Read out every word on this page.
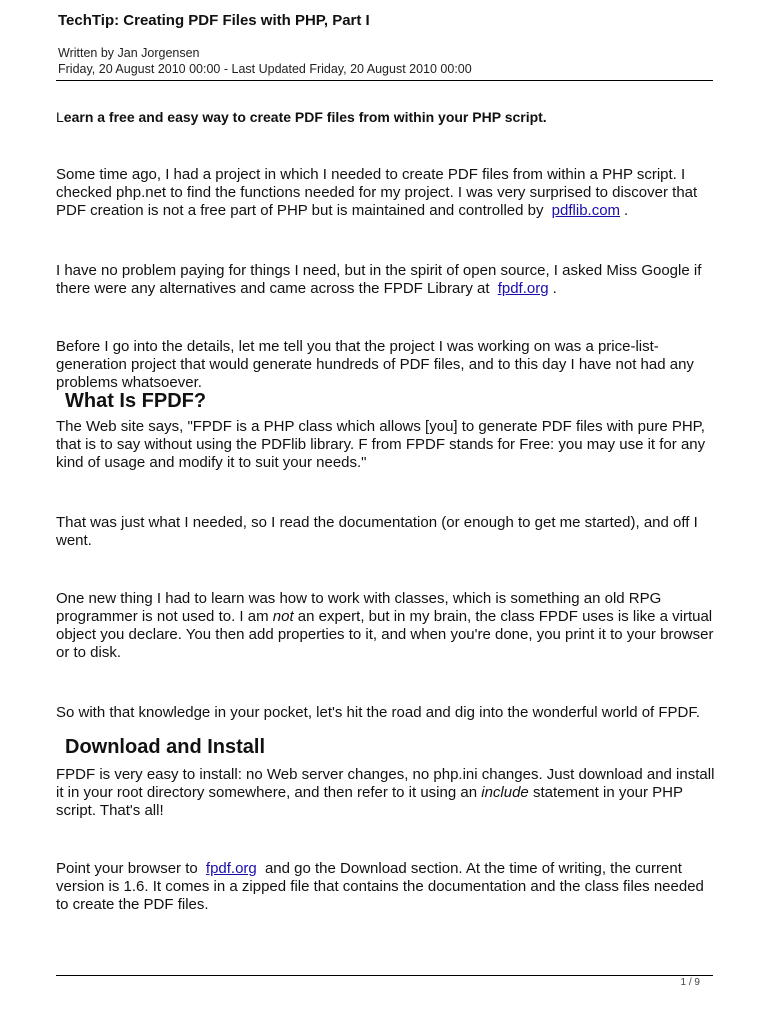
TechTip: Creating PDF Files with PHP, Part I
Written by Jan Jorgensen
Friday, 20 August 2010 00:00 - Last Updated Friday, 20 August 2010 00:00
Learn a free and easy way to create PDF files from within your PHP script.
Some time ago, I had a project in which I needed to create PDF files from within a PHP script. I checked php.net to find the functions needed for my project. I was very surprised to discover that PDF creation is not a free part of PHP but is maintained and controlled by pdflib.com .
I have no problem paying for things I need, but in the spirit of open source, I asked Miss Google if there were any alternatives and came across the FPDF Library at fpdf.org .
Before I go into the details, let me tell you that the project I was working on was a price-list-generation project that would generate hundreds of PDF files, and to this day I have not had any problems whatsoever.
What Is FPDF?
The Web site says, "FPDF is a PHP class which allows [you] to generate PDF files with pure PHP, that is to say without using the PDFlib library. F from FPDF stands for Free: you may use it for any kind of usage and modify it to suit your needs."
That was just what I needed, so I read the documentation (or enough to get me started), and off I went.
One new thing I had to learn was how to work with classes, which is something an old RPG programmer is not used to. I am not an expert, but in my brain, the class FPDF uses is like a virtual object you declare. You then add properties to it, and when you're done, you print it to your browser or to disk.
So with that knowledge in your pocket, let's hit the road and dig into the wonderful world of FPDF.
Download and Install
FPDF is very easy to install: no Web server changes, no php.ini changes. Just download and install it in your root directory somewhere, and then refer to it using an include statement in your PHP script. That's all!
Point your browser to fpdf.org and go the Download section. At the time of writing, the current version is 1.6. It comes in a zipped file that contains the documentation and the class files needed to create the PDF files.
1 / 9
